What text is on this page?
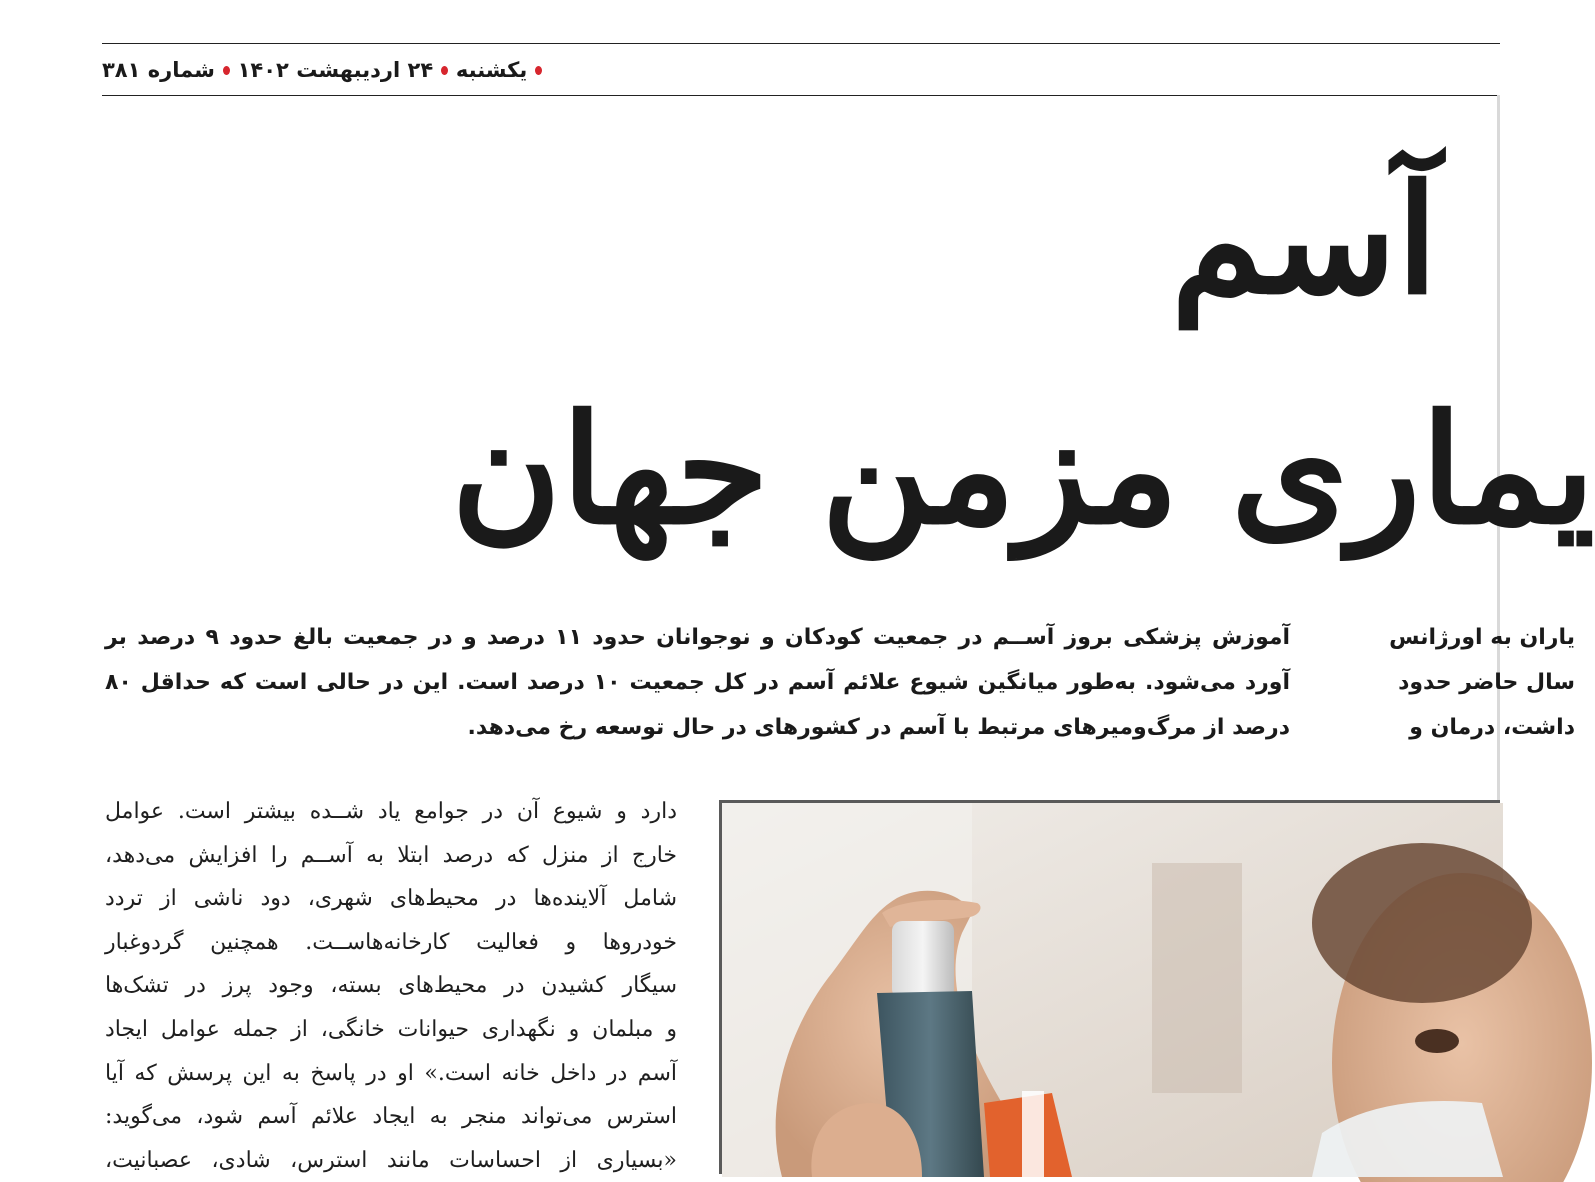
یکشنبه
۲۴ اردیبهشت ۱۴۰۲
شماره ۳۸۱
آسم
یماری مزمن جهان
آموزش پزشکی بروز آســم در جمعیت کودکان و نوجوانان حدود ۱۱ درصد و در جمعیت بالغ حدود ۹ درصد بر آورد می‌شود. به‌طور میانگین شیوع علائم آسم در کل جمعیت ۱۰ درصد است. این در حالی است که حداقل ۸۰ درصد از مرگ‌ومیرهای مرتبط با آسم در کشورهای در حال توسعه رخ می‌دهد.
یاران به اورژانس
سال حاضر حدود
داشت، درمان و
دارد و شیوع آن در جوامع یاد شــده بیشتر است. عوامل
خارج از منزل که درصد ابتلا به آســم را افزایش می‌دهد،
شامل آلاینده‌ها در محیط‌های شهری، دود ناشی از تردد
خودروها و فعالیت کارخانه‌هاســت. همچنین گردوغبار
سیگار کشیدن در محیط‌های بسته، وجود پرز در تشک‌ها
و مبلمان و نگهداری حیوانات خانگی، از جمله عوامل ایجاد
آسم در داخل خانه است.» او در پاسخ به این پرسش که آیا
استرس می‌تواند منجر به ایجاد علائم آسم شود، می‌گوید:
«بسیاری از احساسات مانند استرس، شادی، عصبانیت،
